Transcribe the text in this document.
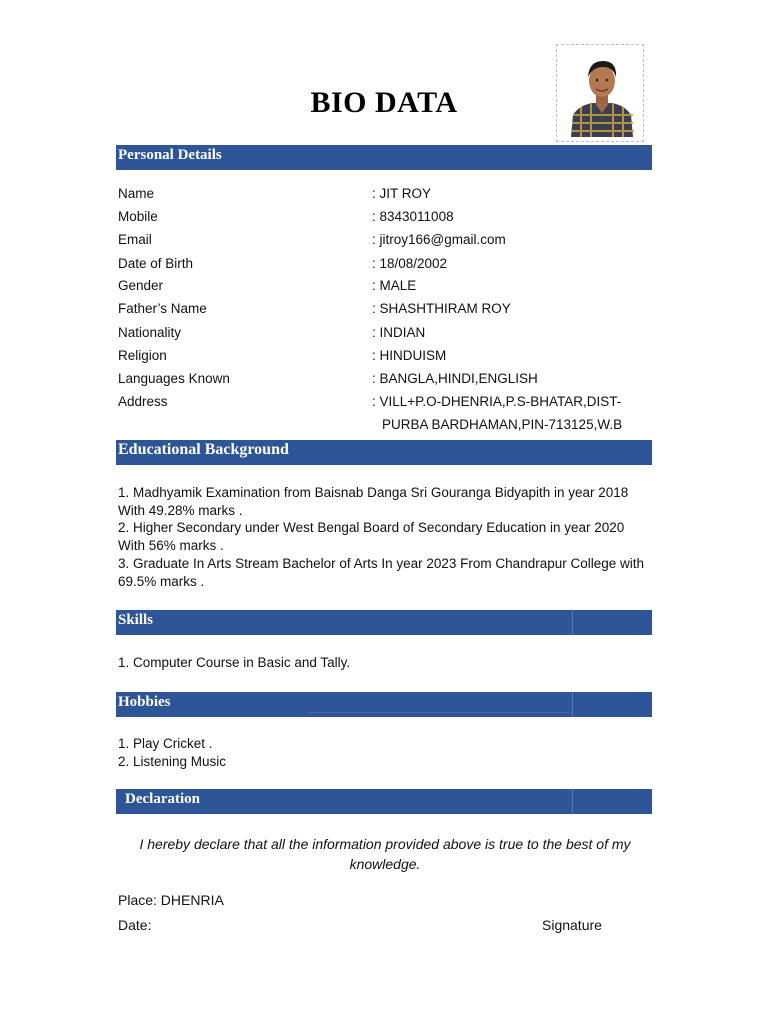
BIO DATA
Personal Details
Name	: JIT ROY
Mobile	: 8343011008
Email	: jitroy166@gmail.com
Date of Birth	: 18/08/2002
Gender	: MALE
Father’s Name	: SHASHTHIRAM ROY
Nationality	: INDIAN
Religion	: HINDUISM
Languages Known	: BANGLA,HINDI,ENGLISH
Address	: VILL+P.O-DHENRIA,P.S-BHATAR,DIST-
PURBA BARDHAMAN,PIN-713125,W.B
Educational Background
1. Madhyamik Examination from Baisnab Danga Sri Gouranga Bidyapith in year 2018 With 49.28% marks .
2. Higher Secondary under West Bengal Board of Secondary Education in year 2020 With 56% marks .
3. Graduate In Arts Stream Bachelor of Arts In year 2023 From Chandrapur College with 69.5% marks .
Skills
1. Computer Course in Basic and Tally.
Hobbies
1. Play Cricket .
2. Listening Music
Declaration
I hereby declare that all the information provided above is true to the best of my knowledge.
Place: DHENRIA
Date:	Signature
